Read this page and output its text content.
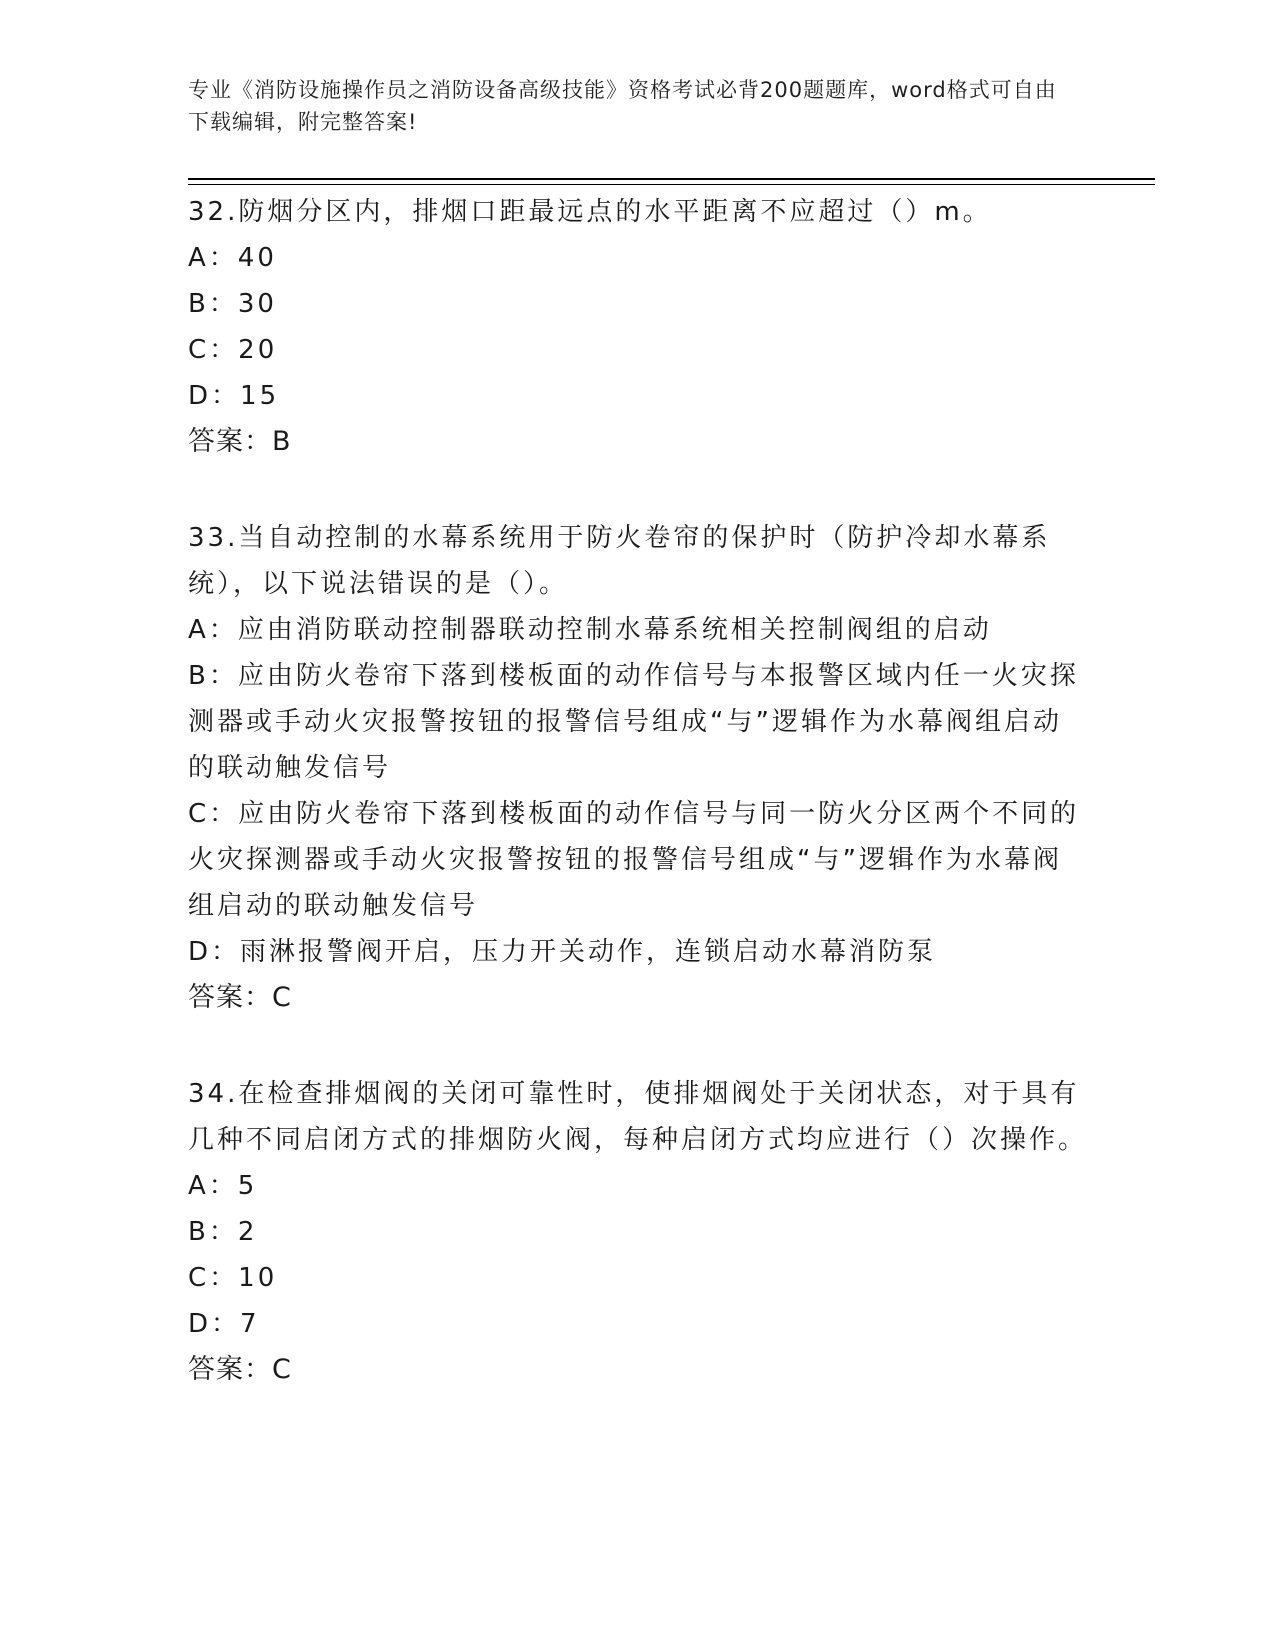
专业《消防设施操作员之消防设备高级技能》资格考试必背200题题库，word格式可自由下载编辑，附完整答案!
32.防烟分区内，排烟口距最远点的水平距离不应超过（）m。
A：40
B：30
C：20
D：15
答案：B
33.当自动控制的水幕系统用于防火卷帘的保护时（防护冷却水幕系统），以下说法错误的是（）。
A：应由消防联动控制器联动控制水幕系统相关控制阀组的启动
B：应由防火卷帘下落到楼板面的动作信号与本报警区域内任一火灾探测器或手动火灾报警按钮的报警信号组成“与”逻辑作为水幕阀组启动的联动触发信号
C：应由防火卷帘下落到楼板面的动作信号与同一防火分区两个不同的火灾探测器或手动火灾报警按钮的报警信号组成“与”逻辑作为水幕阀组启动的联动触发信号
D：雨淋报警阀开启，压力开关动作，连锁启动水幕消防泵
答案：C
34.在检查排烟阀的关闭可靠性时，使排烟阀处于关闭状态，对于具有几种不同启闭方式的排烟防火阀，每种启闭方式均应进行（）次操作。
A：5
B：2
C：10
D：7
答案：C
